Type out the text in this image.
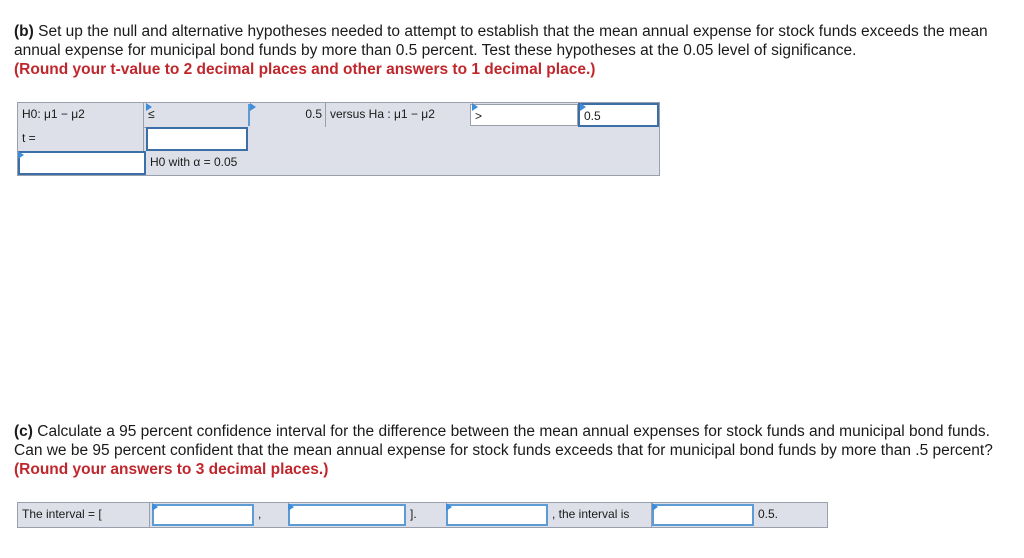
(b) Set up the null and alternative hypotheses needed to attempt to establish that the mean annual expense for stock funds exceeds the mean annual expense for municipal bond funds by more than 0.5 percent. Test these hypotheses at the 0.05 level of significance.
(Round your t-value to 2 decimal places and other answers to 1 decimal place.)
H0: μ1 − μ2	≤	0.5 versus Ha : μ1 − μ2	>	0.5
t =
H0 with α = 0.05
(c) Calculate a 95 percent confidence interval for the difference between the mean annual expenses for stock funds and municipal bond funds. Can we be 95 percent confident that the mean annual expense for stock funds exceeds that for municipal bond funds by more than .5 percent? (Round your answers to 3 decimal places.)
The interval = [	,	].	, the interval is	0.5.
